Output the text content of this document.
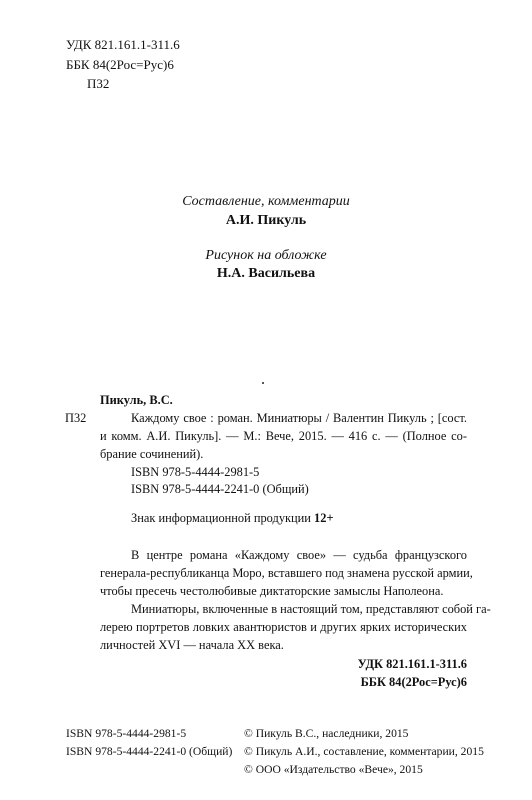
УДК 821.161.1-311.6
ББК 84(2Рос=Рус)6
П32
Составление, комментарии
А.И. Пикуль
Рисунок на обложке
Н.А. Васильева
Пикуль, В.С.
П32	Каждому свое : роман. Миниатюры / Валентин Пикуль ; [сост.
и комм. А.И. Пикуль]. — М.: Вече, 2015. — 416 с. — (Полное со-
брание сочинений).
ISBN 978-5-4444-2981-5
ISBN 978-5-4444-2241-0 (Общий)
Знак информационной продукции 12+
В центре романа «Каждому свое» — судьба французского
генерала-республиканца Моро, вставшего под знамена русской армии,
чтобы пресечь честолюбивые диктаторские замыслы Наполеона.
Миниатюры, включенные в настоящий том, представляют собой га-
лерею портретов ловких авантюристов и других ярких исторических
личностей XVI — начала XX века.
УДК 821.161.1-311.6
ББК 84(2Рос=Рус)6
ISBN 978-5-4444-2981-5
ISBN 978-5-4444-2241-0 (Общий)
© Пикуль В.С., наследники, 2015
© Пикуль А.И., составление, комментарии, 2015
© ООО «Издательство «Вече», 2015
